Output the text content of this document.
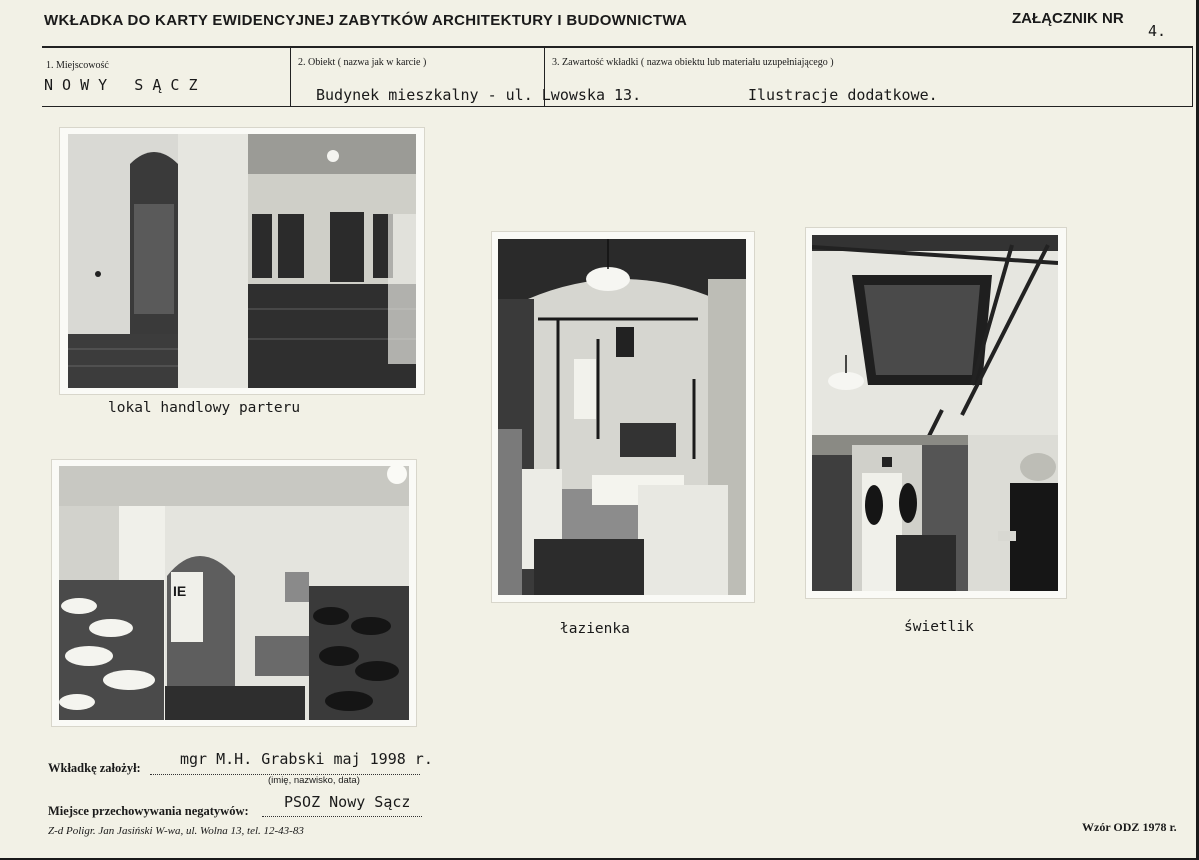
WKŁADKA DO KARTY EWIDENCYJNEJ ZABYTKÓW ARCHITEKTURY I BUDOWNICTWA	ZAŁĄCZNIK NR
4.
1. Miejscowość
N O W Y   S Ą C Z
2. Obiekt ( nazwa jak w karcie )
Budynek mieszkalny - ul. Lwowska 13.
3. Zawartość wkładki ( nazwa obiektu lub materiału uzupełniającego )
Ilustracje dodatkowe.
lokal handlowy parteru
IE
łazienka	świetlik
Wkładkę założył:	mgr M.H. Grabski maj 1998 r.
(imię, nazwisko, data)
Miejsce przechowywania negatywów: PSOZ Nowy Sącz
Z-d Poligr. Jan Jasiński W-wa, ul. Wolna 13, tel. 12-43-83	Wzór ODZ 1978 r.
